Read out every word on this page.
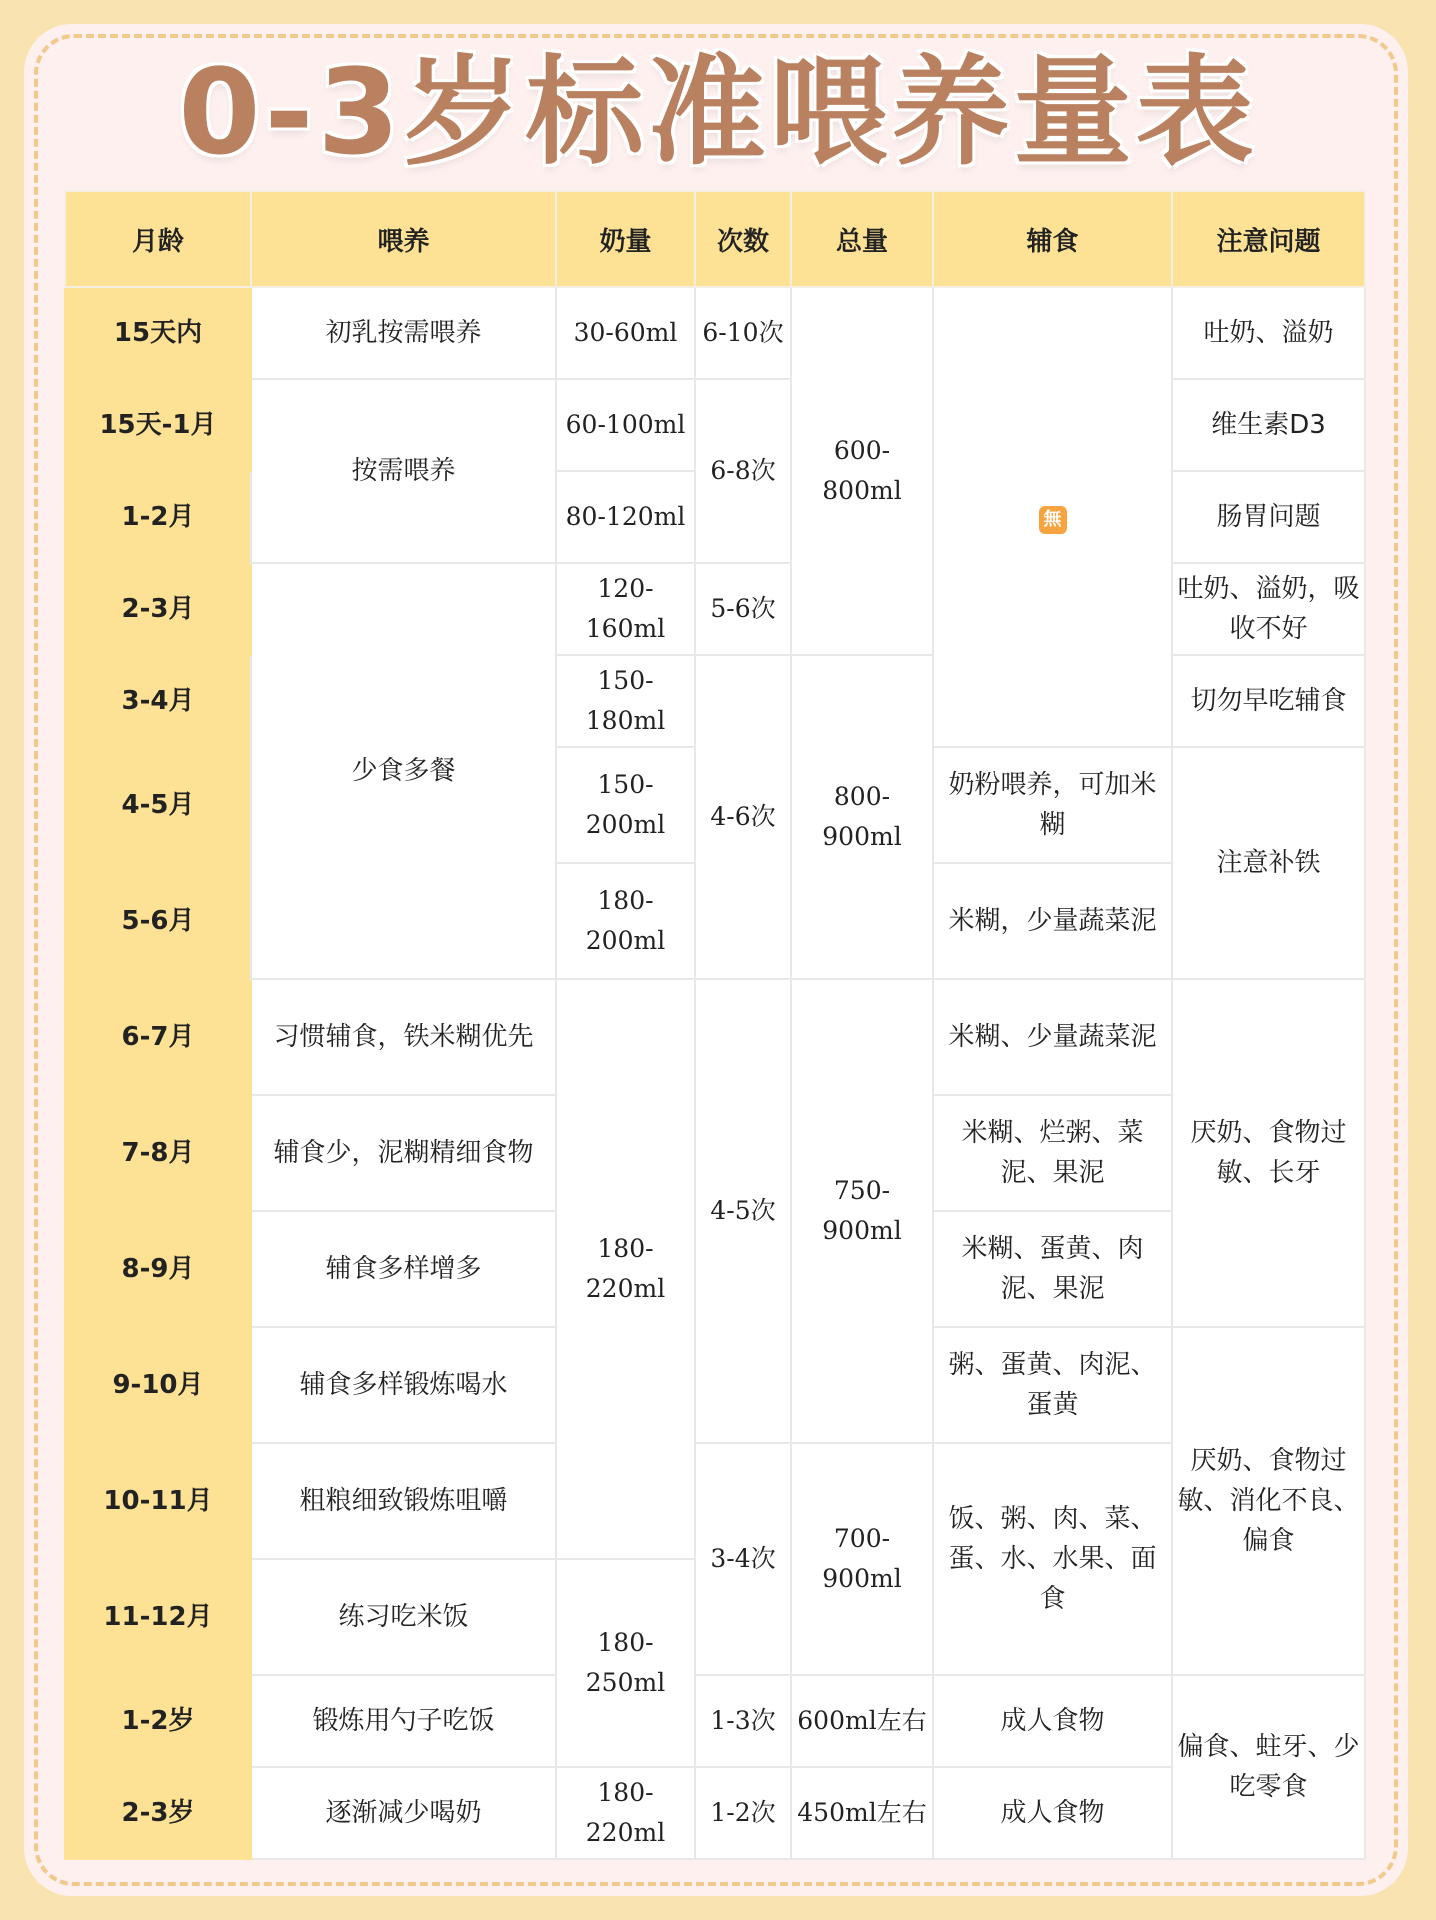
0-3岁标准喂养量表
月龄	喂养	奶量	次数	总量	辅食	注意问题
15天内	初乳按需喂养	30-60ml	6-10次	600-800ml	無	吐奶、溢奶
15天-1月	按需喂养	60-100ml	6-8次			维生素D3
1-2月		80-120ml				肠胃问题
2-3月	少食多餐	120-160ml	5-6次			吐奶、溢奶，吸收不好
3-4月		150-180ml	4-6次	800-900ml		切勿早吃辅食
4-5月		150-200ml			奶粉喂养，可加米糊	注意补铁
5-6月		180-200ml			米糊，少量蔬菜泥	
6-7月	习惯辅食，铁米糊优先	180-220ml	4-5次	750-900ml	米糊、少量蔬菜泥	厌奶、食物过敏、长牙
7-8月	辅食少，泥糊精细食物				米糊、烂粥、菜泥、果泥	
8-9月	辅食多样增多				米糊、蛋黄、肉泥、果泥	
9-10月	辅食多样锻炼喝水				粥、蛋黄、肉泥、蛋黄	厌奶、食物过敏、消化不良、偏食
10-11月	粗粮细致锻炼咀嚼		3-4次	700-900ml	饭、粥、肉、菜、蛋、水、水果、面食	
11-12月	练习吃米饭	180-250ml				
1-2岁	锻炼用勺子吃饭		1-3次	600ml左右	成人食物	偏食、蛀牙、少吃零食
2-3岁	逐渐减少喝奶	180-220ml	1-2次	450ml左右	成人食物	
